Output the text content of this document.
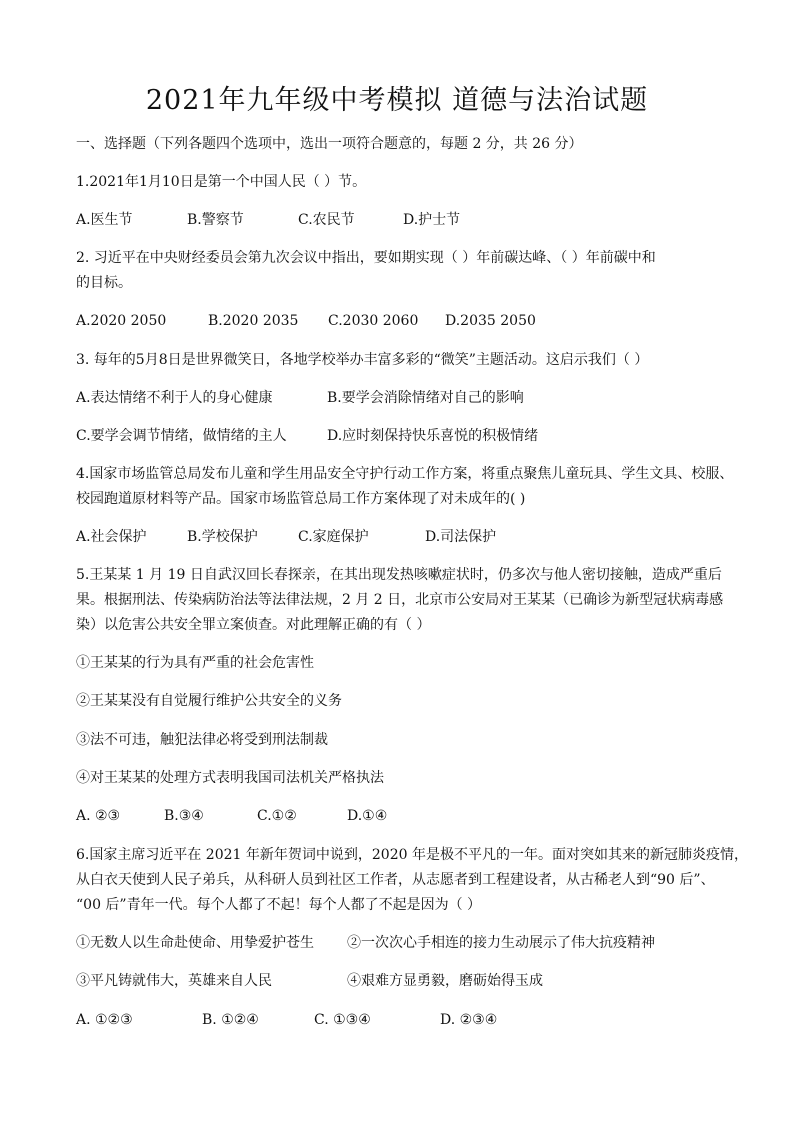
2021年九年级中考模拟 道德与法治试题
一、选择题（下列各题四个选项中，选出一项符合题意的，每题 2 分，共 26 分）
1.2021年1月10日是第一个中国人民（ ）节。
A.医生节	B.警察节	C.农民节	D.护士节
2. 习近平在中央财经委员会第九次会议中指出，要如期实现（ ）年前碳达峰、（ ）年前碳中和
的目标。
A.2020 2050	B.2020 2035 C.2030 2060 D.2035 2050
3. 每年的5月8日是世界微笑日，各地学校举办丰富多彩的“微笑”主题活动。这启示我们（ ）
A.表达情绪不利于人的身心健康	B.要学会消除情绪对自己的影响
C.要学会调节情绪，做情绪的主人	D.应时刻保持快乐喜悦的积极情绪
4.国家市场监管总局发布儿童和学生用品安全守护行动工作方案，将重点聚焦儿童玩具、学生文具、校服、
校园跑道原材料等产品。国家市场监管总局工作方案体现了对未成年的( )
A.社会保护	B.学校保护	C.家庭保护	D.司法保护
5.王某某 1 月 19 日自武汉回长春探亲，在其出现发热咳嗽症状时，仍多次与他人密切接触，造成严重后
果。根据刑法、传染病防治法等法律法规，2 月 2 日，北京市公安局对王某某（已确诊为新型冠状病毒感
染）以危害公共安全罪立案侦查。对此理解正确的有（ ）
①王某某的行为具有严重的社会危害性
②王某某没有自觉履行维护公共安全的义务
③法不可违，触犯法律必将受到刑法制裁
④对王某某的处理方式表明我国司法机关严格执法
A. ②③	B.③④	C.①②	D.①④
6.国家主席习近平在 2021 年新年贺词中说到，2020 年是极不平凡的一年。面对突如其来的新冠肺炎疫情，
从白衣天使到人民子弟兵，从科研人员到社区工作者，从志愿者到工程建设者，从古稀老人到“90 后”、
“00 后”青年一代。每个人都了不起！每个人都了不起是因为（ ）
①无数人以生命赴使命、用挚爱护苍生 ②一次次心手相连的接力生动展示了伟大抗疫精神
③平凡铸就伟大，英雄来自人民	④艰难方显勇毅，磨砺始得玉成
A. ①②③	B. ①②④	C. ①③④	D. ②③④
